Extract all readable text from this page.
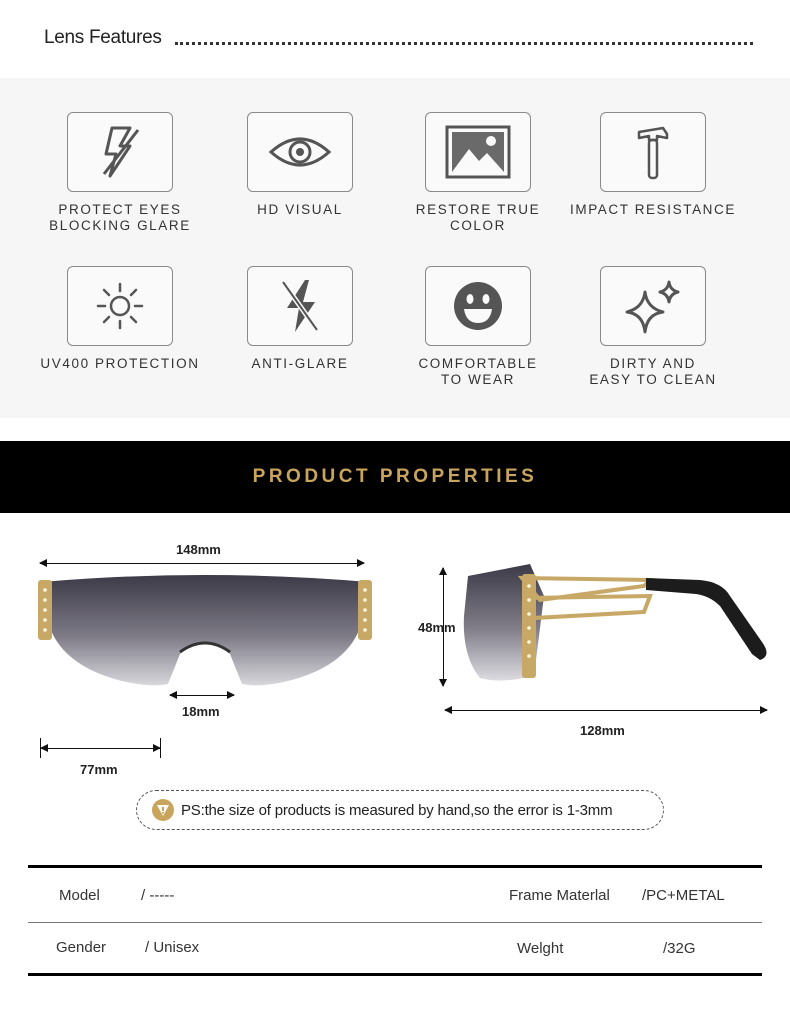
Lens Features
PROTECT EYES
BLOCKING GLARE
HD VISUAL	RESTORE TRUE COLOR
IMPACT RESISTANCE
UV400 PROTECTION	ANTI-GLARE	COMFORTABLE
TO WEAR
DIRTY AND
EASY TO CLEAN
PRODUCT PROPERTIES
148mm
18mm
77mm
48mm
128mm
PS:the size of products is measured by hand,so the error is 1-3mm
Model	/ -----	Frame Materlal /PC+METAL
Gender	/ Unisex	Welght	/32G
